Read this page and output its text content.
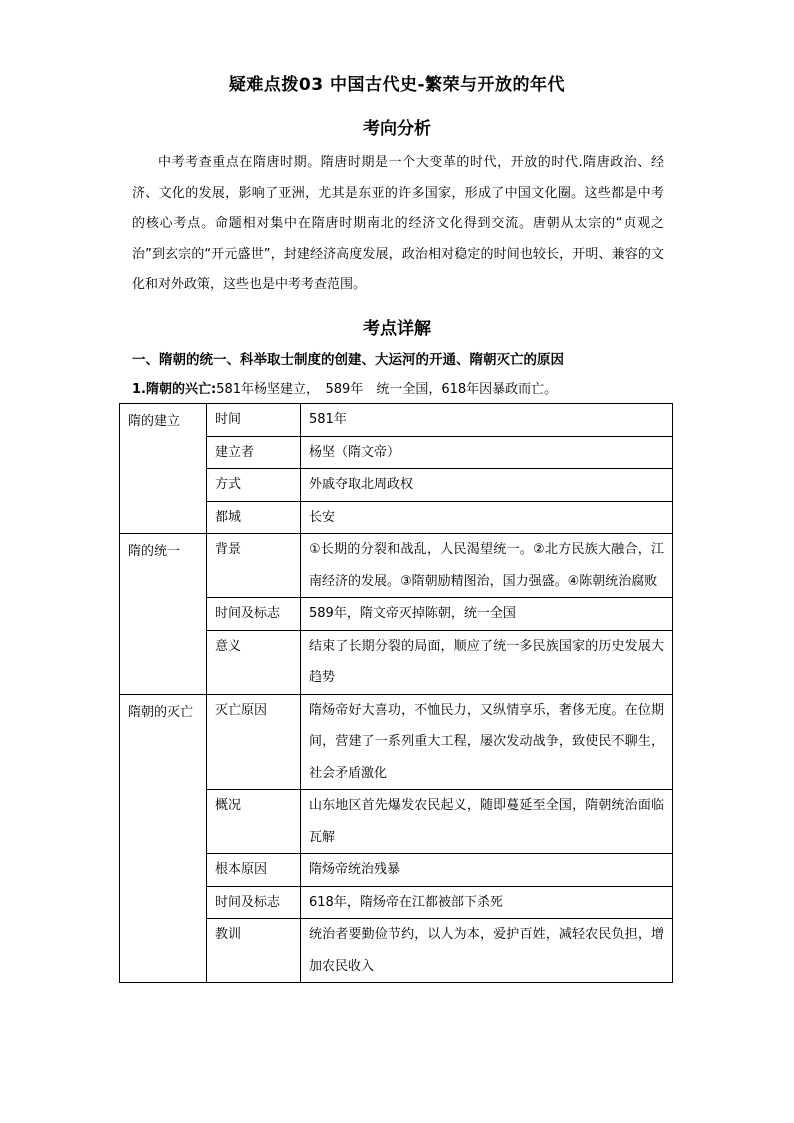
疑难点拨03 中国古代史-繁荣与开放的年代
考向分析

中考考查重点在隋唐时期。隋唐时期是一个大变革的时代，开放的时代.隋唐政治、经济、文化的发展，影响了亚洲，尤其是东亚的许多国家，形成了中国文化圈。这些都是中考的核心考点。命题相对集中在隋唐时期南北的经济文化得到交流。唐朝从太宗的“贞观之治”到玄宗的“开元盛世”，封建经济高度发展，政治相对稳定的时间也较长，开明、兼容的文化和对外政策，这些也是中考考查范围。

考点详解
一、隋朝的统一、科举取士制度的创建、大运河的开通、隋朝灭亡的原因
1.隋朝的兴亡:581年杨坚建立，　589年　统一全国，618年因暴政而亡。
隋的建立	时间	581年
	建立者	杨坚（隋文帝）
	方式	外戚夺取北周政权
	都城	长安
隋的统一	背景	①长期的分裂和战乱，人民渴望统一。②北方民族大融合，江南经济的发展。③隋朝励精图治，国力强盛。④陈朝统治腐败
	时间及标志	589年，隋文帝灭掉陈朝，统一全国
	意义	结束了长期分裂的局面，顺应了统一多民族国家的历史发展大趋势
隋朝的灭亡	灭亡原因	隋炀帝好大喜功，不恤民力，又纵情享乐，奢侈无度。在位期间，营建了一系列重大工程，屡次发动战争，致使民不聊生，社会矛盾激化
	概况	山东地区首先爆发农民起义，随即蔓延至全国，隋朝统治面临瓦解
	根本原因	隋炀帝统治残暴
	时间及标志	618年，隋炀帝在江都被部下杀死
	教训	统治者要勤俭节约，以人为本，爱护百姓，减轻农民负担，增加农民收入
